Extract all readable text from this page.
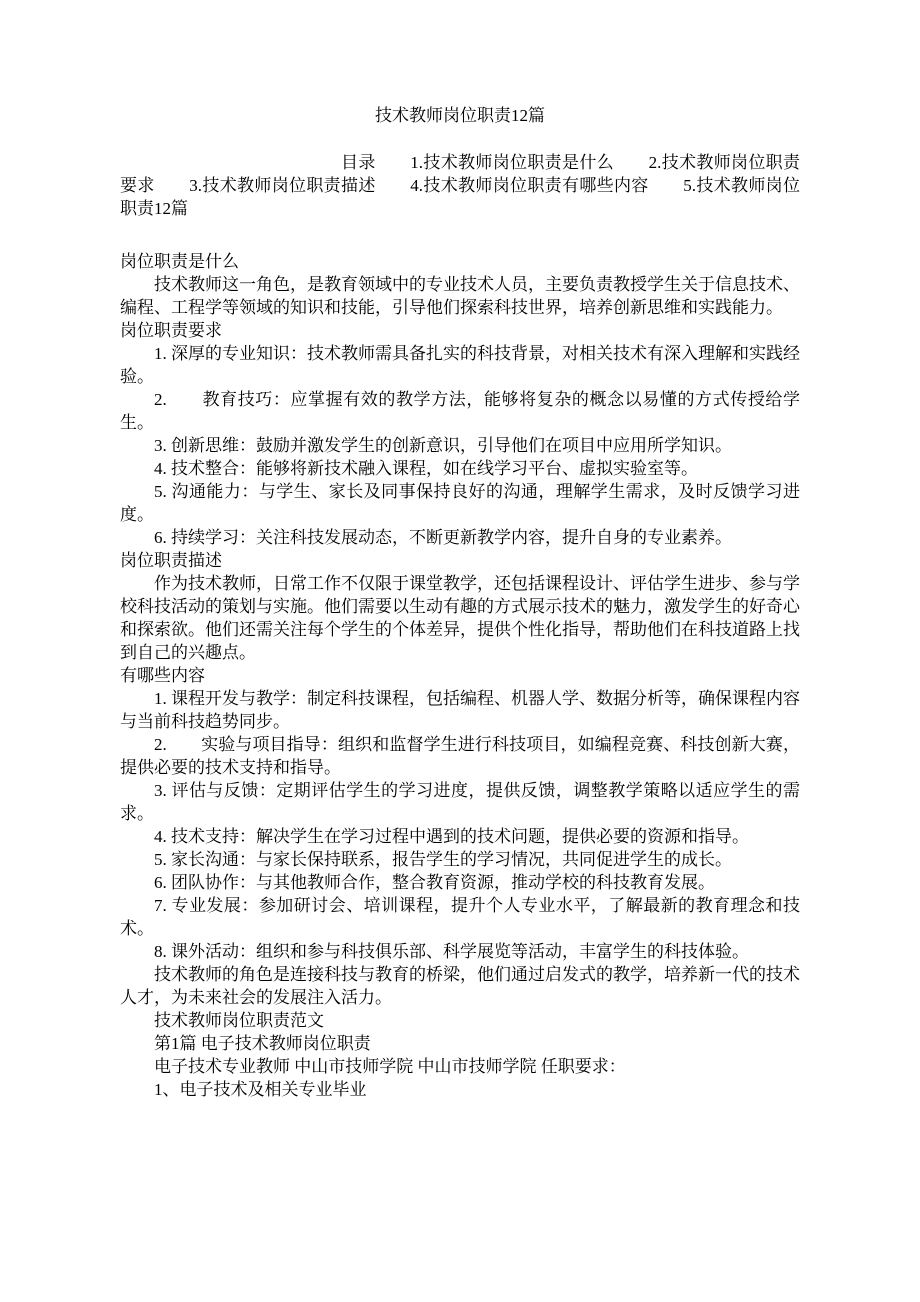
技术教师岗位职责12篇

目录　　1.技术教师岗位职责是什么　　2.技术教师岗位职责要求　　3.技术教师岗位职责描述　　4.技术教师岗位职责有哪些内容　　5.技术教师岗位职责12篇

岗位职责是什么

技术教师这一角色，是教育领域中的专业技术人员，主要负责教授学生关于信息技术、编程、工程学等领域的知识和技能，引导他们探索科技世界，培养创新思维和实践能力。

岗位职责要求

1. 深厚的专业知识：技术教师需具备扎实的科技背景，对相关技术有深入理解和实践经验。

2.　　教育技巧：应掌握有效的教学方法，能够将复杂的概念以易懂的方式传授给学生。

3. 创新思维：鼓励并激发学生的创新意识，引导他们在项目中应用所学知识。

4. 技术整合：能够将新技术融入课程，如在线学习平台、虚拟实验室等。

5. 沟通能力：与学生、家长及同事保持良好的沟通，理解学生需求，及时反馈学习进度。

6. 持续学习：关注科技发展动态，不断更新教学内容，提升自身的专业素养。

岗位职责描述

作为技术教师，日常工作不仅限于课堂教学，还包括课程设计、评估学生进步、参与学校科技活动的策划与实施。他们需要以生动有趣的方式展示技术的魅力，激发学生的好奇心和探索欲。他们还需关注每个学生的个体差异，提供个性化指导，帮助他们在科技道路上找到自己的兴趣点。

有哪些内容

1. 课程开发与教学：制定科技课程，包括编程、机器人学、数据分析等，确保课程内容与当前科技趋势同步。

2.　　实验与项目指导：组织和监督学生进行科技项目，如编程竞赛、科技创新大赛，提供必要的技术支持和指导。

3. 评估与反馈：定期评估学生的学习进度，提供反馈，调整教学策略以适应学生的需求。

4. 技术支持：解决学生在学习过程中遇到的技术问题，提供必要的资源和指导。

5. 家长沟通：与家长保持联系，报告学生的学习情况，共同促进学生的成长。

6. 团队协作：与其他教师合作，整合教育资源，推动学校的科技教育发展。

7. 专业发展：参加研讨会、培训课程，提升个人专业水平，了解最新的教育理念和技术。

8. 课外活动：组织和参与科技俱乐部、科学展览等活动，丰富学生的科技体验。

技术教师的角色是连接科技与教育的桥梁，他们通过启发式的教学，培养新一代的技术人才，为未来社会的发展注入活力。

技术教师岗位职责范文

第1篇 电子技术教师岗位职责

电子技术专业教师 中山市技师学院 中山市技师学院 任职要求：

1、电子技术及相关专业毕业
